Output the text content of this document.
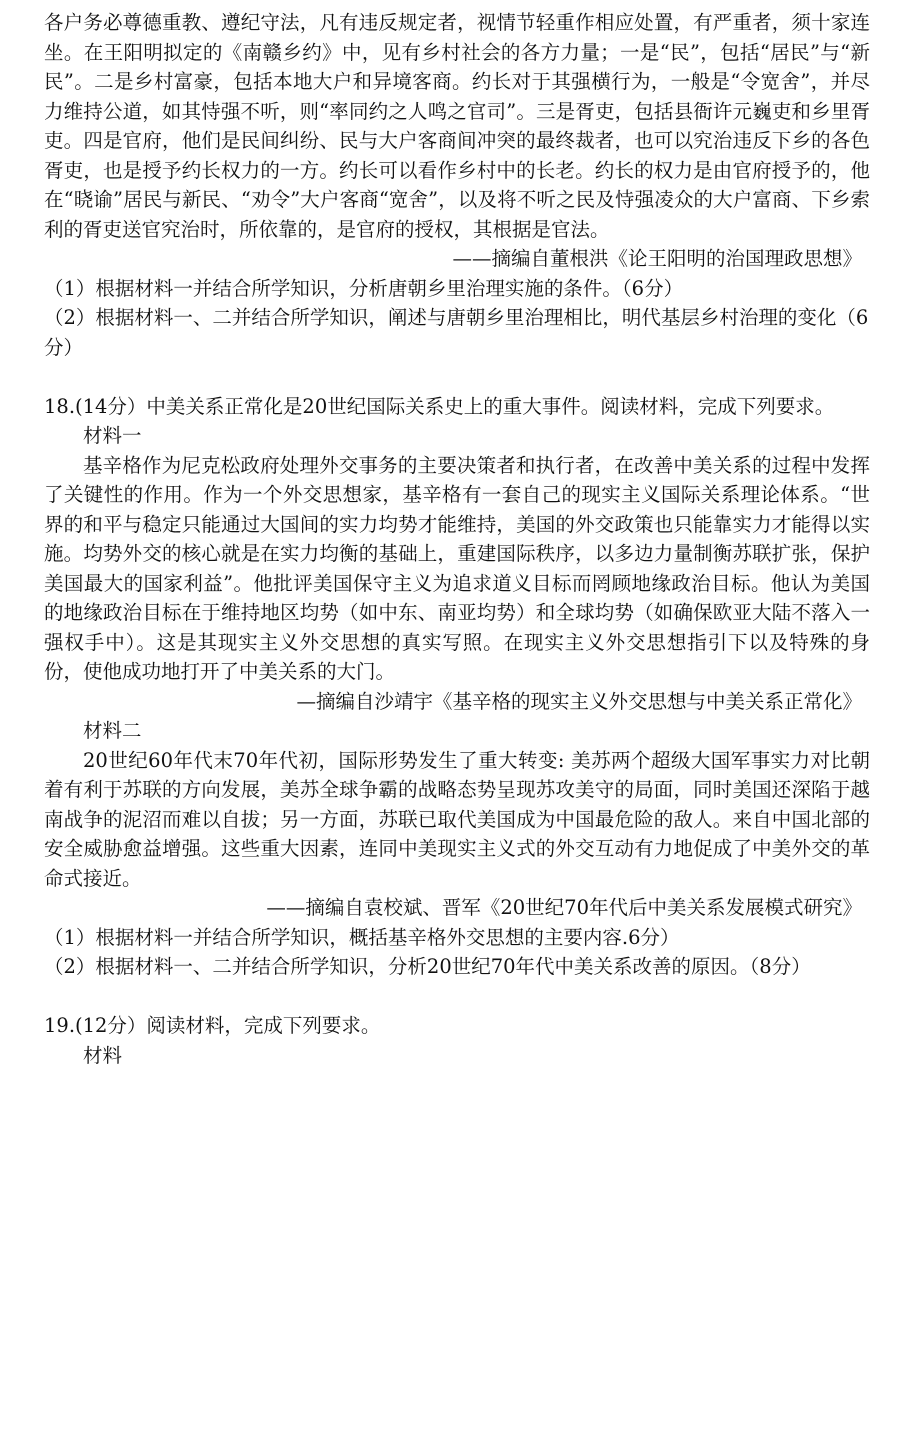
各户务必尊德重教、遵纪守法，凡有违反规定者，视情节轻重作相应处置，有严重者，须十家连坐。在王阳明拟定的《南赣乡约》中，见有乡村社会的各方力量；一是“民”，包括“居民”与“新民”。二是乡村富豪，包括本地大户和异境客商。约长对于其强横行为，一般是“令宽舍”，并尽力维持公道，如其恃强不听，则“率同约之人鸣之官司”。三是胥吏，包括县衙许元巍吏和乡里胥吏。四是官府，他们是民间纠纷、民与大户客商间冲突的最终裁者，也可以究治违反下乡的各色胥吏，也是授予约长权力的一方。约长可以看作乡村中的长老。约长的权力是由官府授予的，他在“晓谕”居民与新民、“劝令”大户客商“宽舍”，以及将不听之民及恃强凌众的大户富商、下乡索利的胥吏送官究治时，所依靠的，是官府的授权，其根据是官法。

——摘编自董根洪《论王阳明的治国理政思想》

（1）根据材料一并结合所学知识，分析唐朝乡里治理实施的条件。（6分）

（2）根据材料一、二并结合所学知识，阐述与唐朝乡里治理相比，明代基层乡村治理的变化（6分）

18.(14分）中美关系正常化是20世纪国际关系史上的重大事件。阅读材料，完成下列要求。

材料一

基辛格作为尼克松政府处理外交事务的主要决策者和执行者，在改善中美关系的过程中发挥了关键性的作用。作为一个外交思想家，基辛格有一套自己的现实主义国际关系理论体系。“世界的和平与稳定只能通过大国间的实力均势才能维持，美国的外交政策也只能靠实力才能得以实施。均势外交的核心就是在实力均衡的基础上，重建国际秩序，以多边力量制衡苏联扩张，保护美国最大的国家利益”。他批评美国保守主义为追求道义目标而罔顾地缘政治目标。他认为美国的地缘政治目标在于维持地区均势（如中东、南亚均势）和全球均势（如确保欧亚大陆不落入一强权手中）。这是其现实主义外交思想的真实写照。在现实主义外交思想指引下以及特殊的身份，使他成功地打开了中美关系的大门。

—摘编自沙靖宇《基辛格的现实主义外交思想与中美关系正常化》

材料二

20世纪60年代末70年代初，国际形势发生了重大转变: 美苏两个超级大国军事实力对比朝着有利于苏联的方向发展，美苏全球争霸的战略态势呈现苏攻美守的局面，同时美国还深陷于越南战争的泥沼而难以自拔；另一方面，苏联已取代美国成为中国最危险的敌人。来自中国北部的安全威胁愈益增强。这些重大因素，连同中美现实主义式的外交互动有力地促成了中美外交的革命式接近。

——摘编自袁校斌、晋军《20世纪70年代后中美关系发展模式研究》

（1）根据材料一并结合所学知识，概括基辛格外交思想的主要内容.6分）

（2）根据材料一、二并结合所学知识，分析20世纪70年代中美关系改善的原因。（8分）

19.(12分）阅读材料，完成下列要求。

材料
